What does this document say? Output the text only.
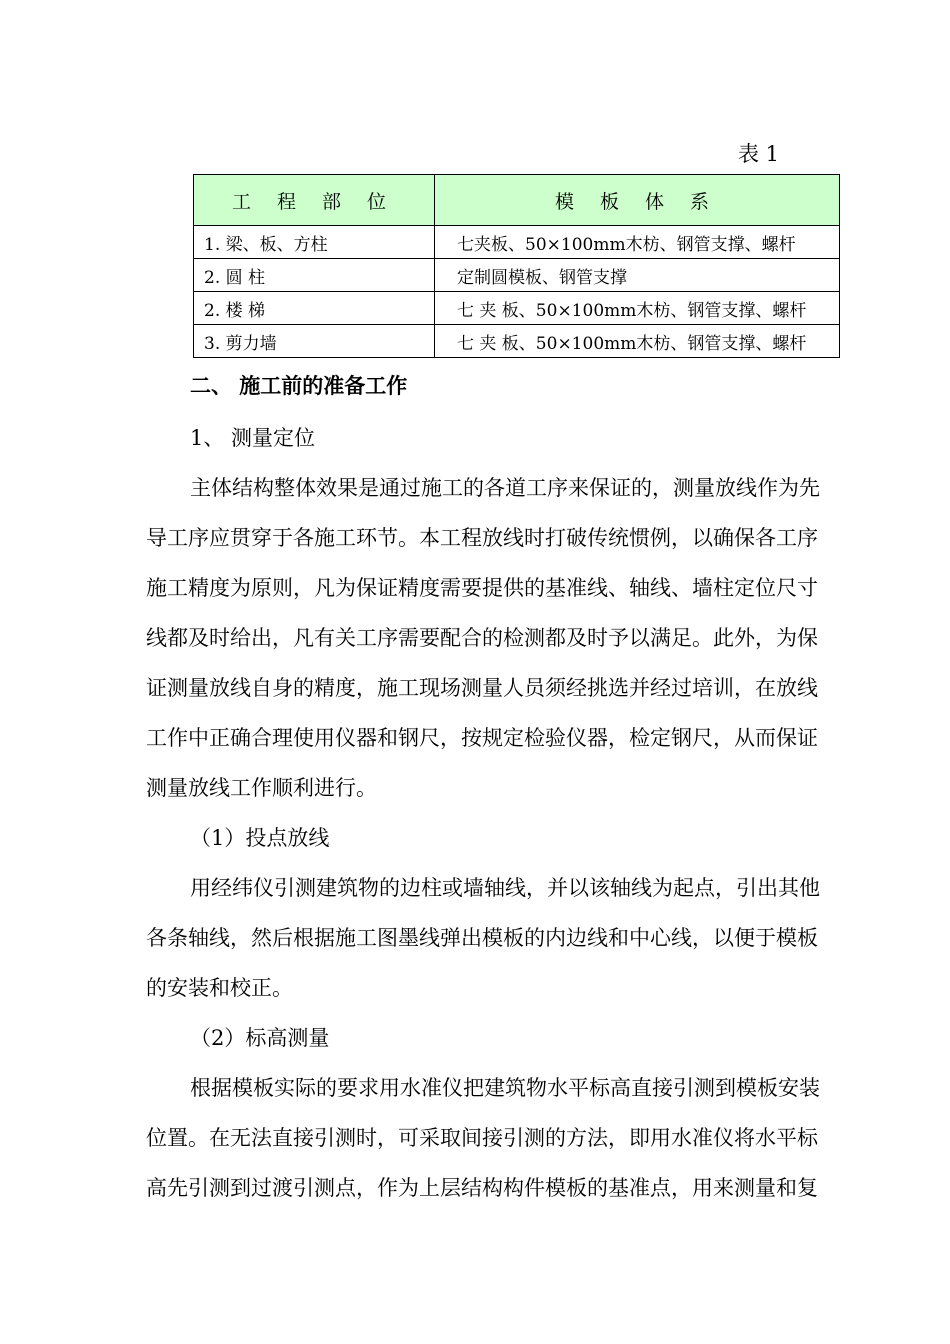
表 1
工 程 部 位	模 板 体 系
1. 梁、板、方柱	七夹板、50×100mm木枋、钢管支撑、螺杆
2. 圆 柱	定制圆模板、钢管支撑
2. 楼 梯	七 夹 板、50×100mm木枋、钢管支撑、螺杆
3. 剪力墙	七 夹 板、50×100mm木枋、钢管支撑、螺杆
二、 施工前的准备工作
1、 测量定位
主体结构整体效果是通过施工的各道工序来保证的，测量放线作为先
导工序应贯穿于各施工环节。本工程放线时打破传统惯例，以确保各工序
施工精度为原则，凡为保证精度需要提供的基准线、轴线、墙柱定位尺寸
线都及时给出，凡有关工序需要配合的检测都及时予以满足。此外，为保
证测量放线自身的精度，施工现场测量人员须经挑选并经过培训，在放线
工作中正确合理使用仪器和钢尺，按规定检验仪器，检定钢尺，从而保证
测量放线工作顺利进行。
（1）投点放线
用经纬仪引测建筑物的边柱或墙轴线，并以该轴线为起点，引出其他
各条轴线，然后根据施工图墨线弹出模板的内边线和中心线，以便于模板
的安装和校正。
（2）标高测量
根据模板实际的要求用水准仪把建筑物水平标高直接引测到模板安装
位置。在无法直接引测时，可采取间接引测的方法，即用水准仪将水平标
高先引测到过渡引测点，作为上层结构构件模板的基准点，用来测量和复
